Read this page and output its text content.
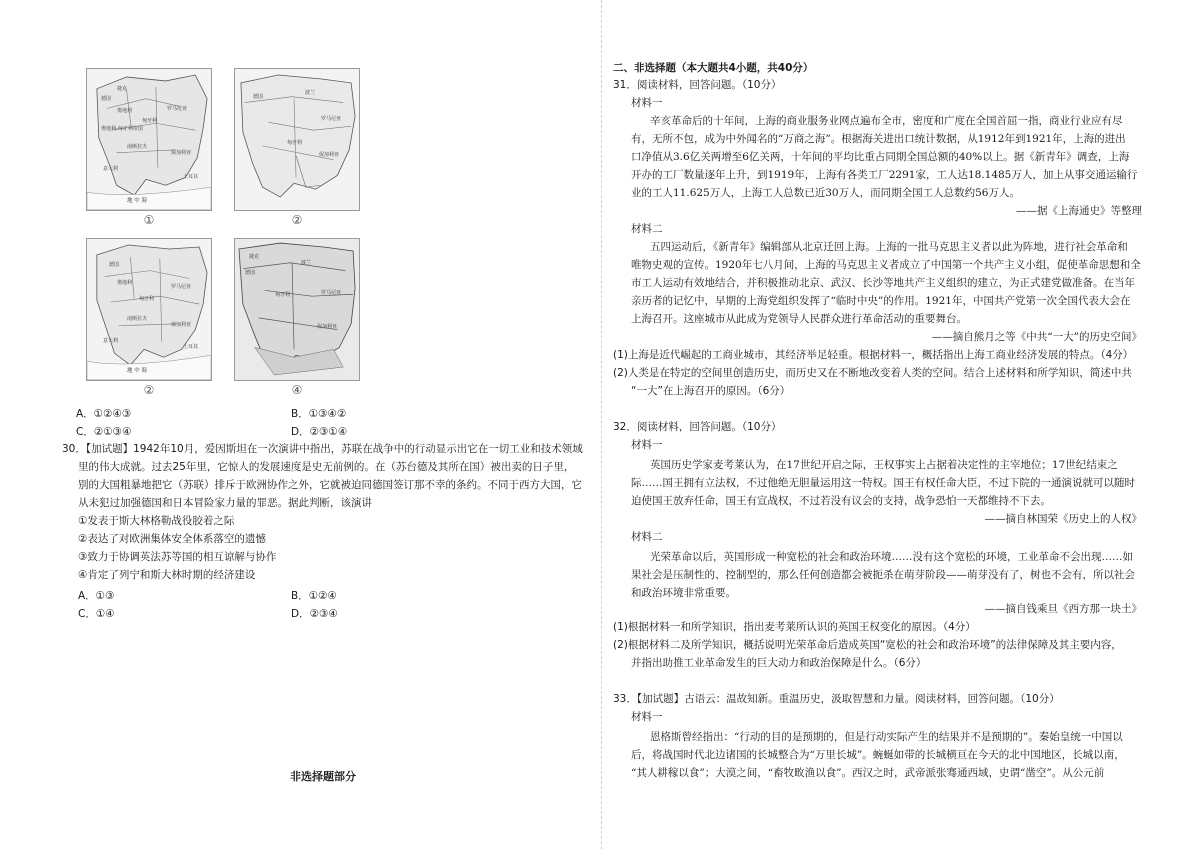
捷克
德国
奥地利
匈牙利
奥地利-匈牙利帝国
罗马尼亚
南斯拉夫
保加利亚
意大利
土耳其
地 中 海
①
德国
波兰
罗马尼亚
匈牙利
保加利亚
②
德国
奥地利
罗马尼亚
匈牙利
南斯拉夫
保加利亚
意大利
土耳其
地 中 海
②
捷克
德国
波兰
匈牙利	罗马尼亚
保加利亚
④
A．①②④③	B．①③④②
C．②①③④	D．②③①④
30．【加试题】1942年10月，爱因斯坦在一次演讲中指出，苏联在战争中的行动显示出它在一切工业和技术领域
里的伟大成就。过去25年里，它惊人的发展速度是史无前例的。在（苏台德及其所在国）被出卖的日子里，
别的大国粗暴地把它（苏联）排斥于欧洲协作之外，它就被迫同德国签订那不幸的条约。不同于西方大国，它
从未犯过加强德国和日本冒险家力量的罪恶。据此判断，该演讲
①发表于斯大林格勒战役胶着之际
②表达了对欧洲集体安全体系落空的遗憾
③致力于协调英法苏等国的相互谅解与协作
④肯定了列宁和斯大林时期的经济建设
A．①③	B．①②④
C．①④	D．②③④
非选择题部分
二、非选择题（本大题共4小题，共40分）
31．阅读材料，回答问题。（10分）
材料一
辛亥革命后的十年间，上海的商业服务业网点遍布全市，密度和广度在全国首屈一指，商业行业应有尽
有，无所不包，成为中外闻名的“万商之海”。根据海关进出口统计数据，从1912年到1921年，上海的进出
口净值从3.6亿关两增至6亿关两，十年间的平均比重占同期全国总额的40%以上。据《新青年》调查，上海
开办的工厂数量逐年上升，到1919年，上海有各类工厂2291家，工人达18.1485万人，加上从事交通运输行
业的工人11.625万人，上海工人总数已近30万人，而同期全国工人总数约56万人。
——据《上海通史》等整理
材料二
五四运动后，《新青年》编辑部从北京迁回上海。上海的一批马克思主义者以此为阵地，进行社会革命和
唯物史观的宣传。1920年七八月间，上海的马克思主义者成立了中国第一个共产主义小组，促使革命思想和全
市工人运动有效地结合，并积极推动北京、武汉、长沙等地共产主义组织的建立，为正式建党做准备。在当年
亲历者的记忆中，早期的上海党组织发挥了“临时中央”的作用。1921年，中国共产党第一次全国代表大会在
上海召开。这座城市从此成为党领导人民群众进行革命活动的重要舞台。
——摘自熊月之等《中共“一大”的历史空间》
(1)上海是近代崛起的工商业城市，其经济举足轻重。根据材料一，概括指出上海工商业经济发展的特点。（4分）
(2)人类是在特定的空间里创造历史，而历史又在不断地改变着人类的空间。结合上述材料和所学知识，简述中共
“一大”在上海召开的原因。（6分）
32．阅读材料，回答问题。（10分）
材料一
英国历史学家麦考莱认为，在17世纪开启之际，王权事实上占据着决定性的主宰地位；17世纪结束之
际……国王拥有立法权，不过他绝无胆量运用这一特权。国王有权任命大臣，不过下院的一通演说就可以随时
迫使国王放弃任命，国王有宣战权，不过若没有议会的支持，战争恐怕一天都维持不下去。
——摘自林国荣《历史上的人权》
材料二
光荣革命以后，英国形成一种宽松的社会和政治环境……没有这个宽松的环境，工业革命不会出现……如
果社会是压制性的、控制型的，那么任何创造都会被扼杀在萌芽阶段——萌芽没有了，树也不会有，所以社会
和政治环境非常重要。
——摘自钱乘旦《西方那一块土》
(1)根据材料一和所学知识，指出麦考莱所认识的英国王权变化的原因。（4分）
(2)根据材料二及所学知识，概括说明光荣革命后造成英国“宽松的社会和政治环境”的法律保障及其主要内容，
并指出助推工业革命发生的巨大动力和政治保障是什么。（6分）
33．【加试题】古语云：温故知新。重温历史，汲取智慧和力量。阅读材料，回答问题。（10分）
材料一
恩格斯曾经指出：“行动的目的是预期的，但是行动实际产生的结果并不是预期的”。秦始皇统一中国以
后，将战国时代北边诸国的长城整合为“万里长城”。蜿蜒如带的长城横亘在今天的北中国地区，长城以南，
“其人耕稼以食”；大漠之间，“畜牧畋渔以食”。西汉之时，武帝派张骞通西域，史谓“凿空”。从公元前
